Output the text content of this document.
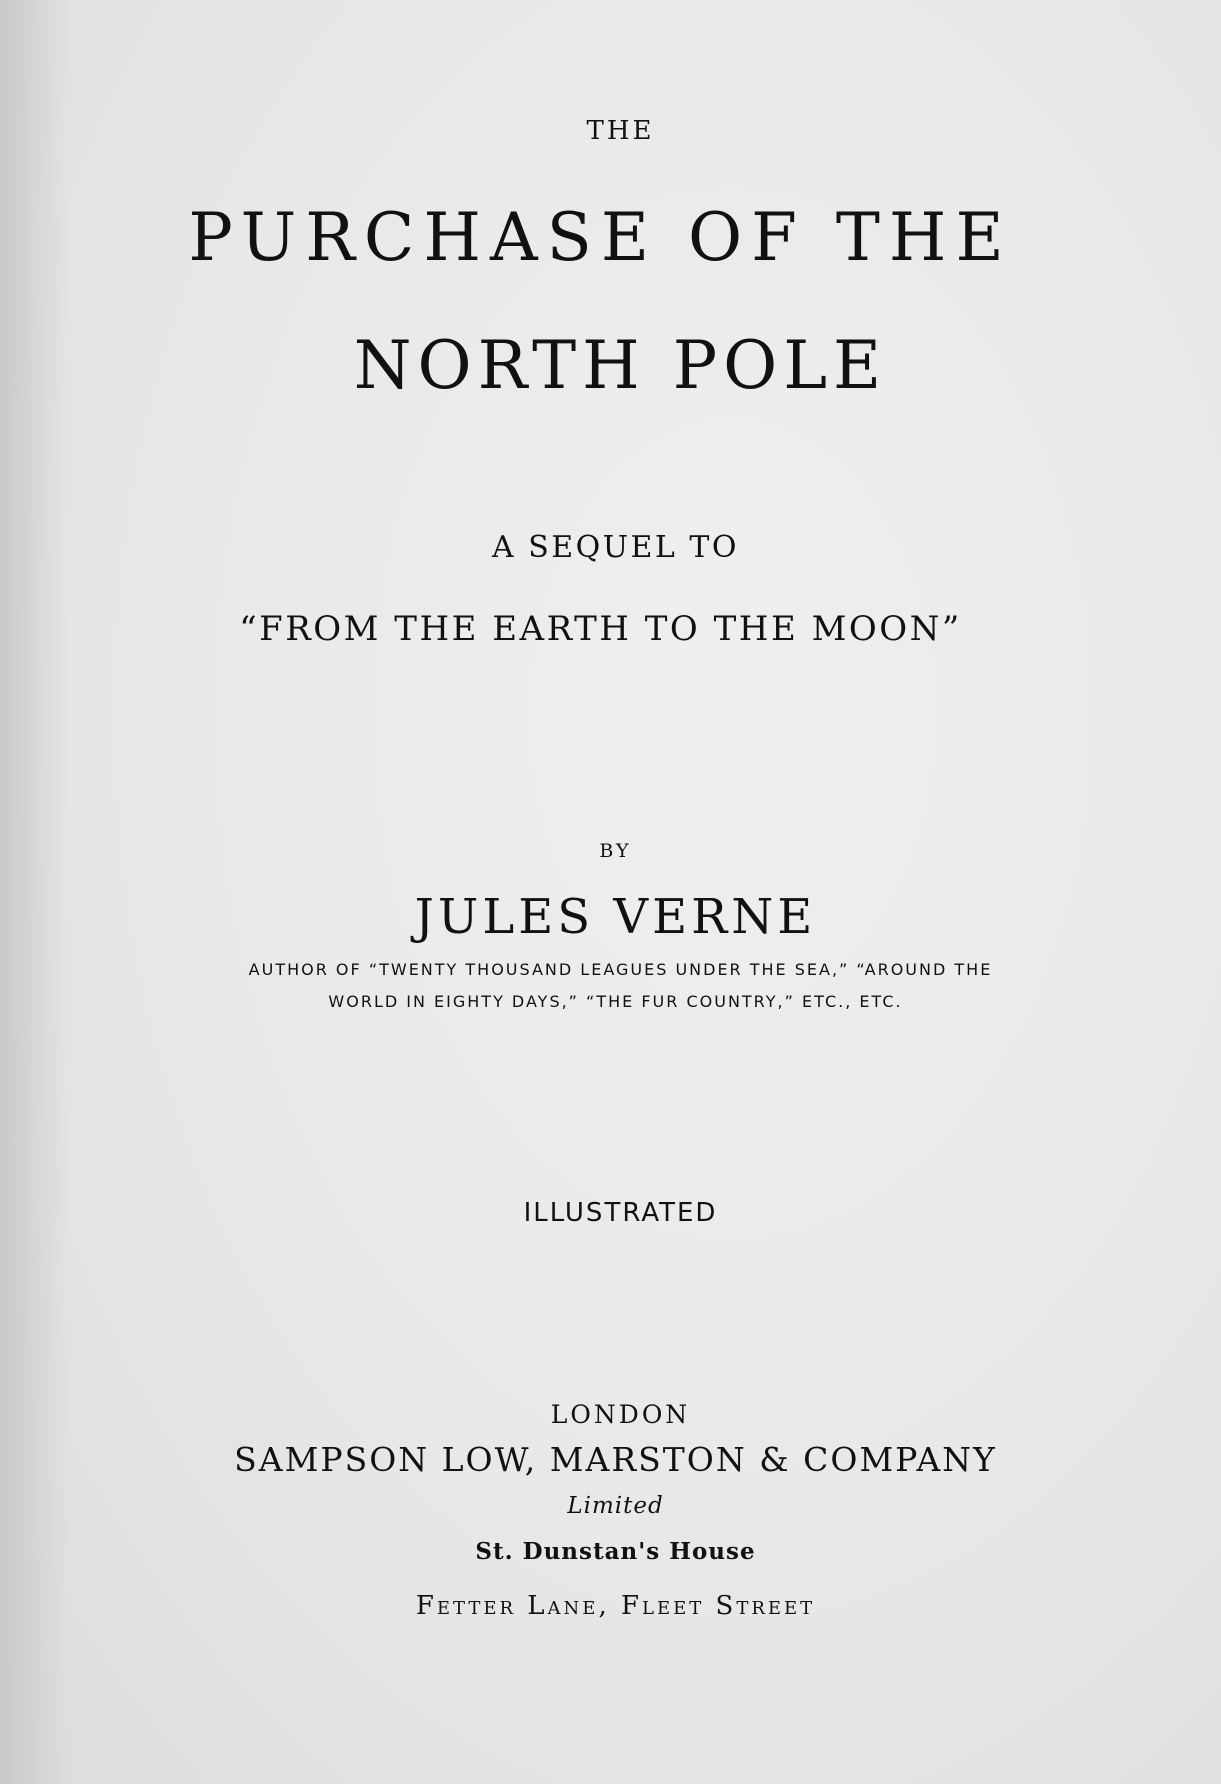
THE
PURCHASE OF THE
NORTH POLE
A SEQUEL TO
“FROM THE EARTH TO THE MOON”
BY
JULES VERNE
AUTHOR OF “TWENTY THOUSAND LEAGUES UNDER THE SEA,” “AROUND THE
WORLD IN EIGHTY DAYS,” “THE FUR COUNTRY,” ETC., ETC.
ILLUSTRATED
LONDON
SAMPSON LOW, MARSTON & COMPANY
Limited
St. Dunstan's House
Fetter Lane, Fleet Street
